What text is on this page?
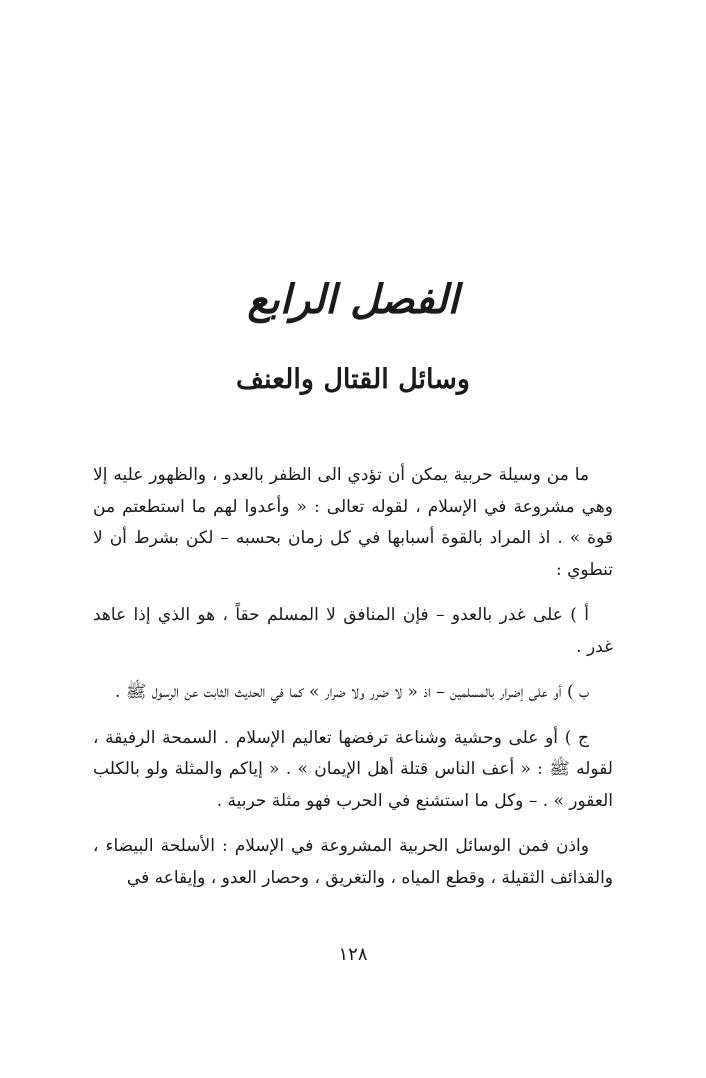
الفصل الرابع
وسائل القتال والعنف

ما من وسيلة حربية يمكن أن تؤدي الى الظفر بالعدو ، والظهور عليه إلا وهي مشروعة في الإسلام ، لقوله تعالى : « وأعدوا لهم ما استطعتم من قوة » . اذ المراد بالقوة أسبابها في كل زمان بحسبه – لكن بشرط أن لا تنطوي :

أ ) على غدر بالعدو – فإن المنافق لا المسلم حقاً ، هو الذي إذا عاهد غدر .

ب ) أو على إضرار بالمسلمين – اذ « لا ضرر ولا ضرار » كما في الحديث الثابت عن الرسول ﷺ .

ج ) أو على وحشية وشناعة ترفضها تعاليم الإسلام . السمحة الرفيقة ، لقوله ﷺ : « أعف الناس قتلة أهل الإيمان » . « إياكم والمثلة ولو بالكلب العقور » . – وكل ما استشنع في الحرب فهو مثلة حربية .

واذن فمن الوسائل الحربية المشروعة في الإسلام : الأسلحة البيضاء ، والقذائف الثقيلة ، وقطع المياه ، والتغريق ، وحصار العدو ، وإيقاعه في

١٢٨
